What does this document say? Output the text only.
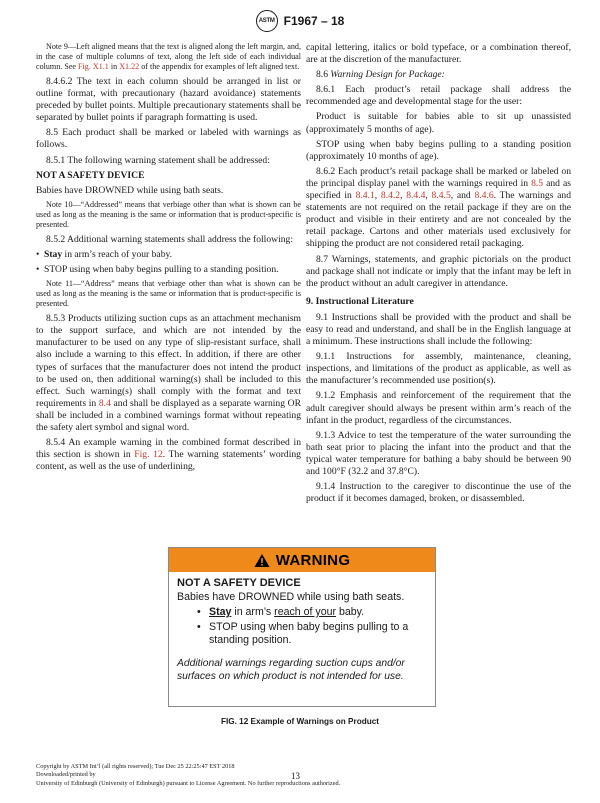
ASTM F1967 – 18

Note 9—Left aligned means that the text is aligned along the left margin, and, in the case of multiple columns of text, along the left side of each individual column. See Fig. X1.1 in X1.22 of the appendix for examples of left aligned text.

8.4.6.2 The text in each column should be arranged in list or outline format, with precautionary (hazard avoidance) statements preceded by bullet points. Multiple precautionary statements shall be separated by bullet points if paragraph formatting is used.

8.5 Each product shall be marked or labeled with warnings as follows.

8.5.1 The following warning statement shall be addressed:

NOT A SAFETY DEVICE

Babies have DROWNED while using bath seats.

Note 10—“Addressed” means that verbiage other than what is shown can be used as long as the meaning is the same or information that is product-specific is presented.

8.5.2 Additional warning statements shall address the following:

• Stay in arm’s reach of your baby.

• STOP using when baby begins pulling to a standing position.

Note 11—“Address” means that verbiage other than what is shown can be used as long as the meaning is the same or information that is product-specific is presented.

8.5.3 Products utilizing suction cups as an attachment mechanism to the support surface, and which are not intended by the manufacturer to be used on any type of slip-resistant surface, shall also include a warning to this effect. In addition, if there are other types of surfaces that the manufacturer does not intend the product to be used on, then additional warning(s) shall be included to this effect. Such warning(s) shall comply with the format and text requirements in 8.4 and shall be displayed as a separate warning OR shall be included in a combined warnings format without repeating the safety alert symbol and signal word.

8.5.4 An example warning in the combined format described in this section is shown in Fig. 12. The warning statements’ wording content, as well as the use of underlining,

capital lettering, italics or bold typeface, or a combination thereof, are at the discretion of the manufacturer.

8.6 Warning Design for Package:

8.6.1 Each product’s retail package shall address the recommended age and developmental stage for the user:

Product is suitable for babies able to sit up unassisted (approximately 5 months of age).

STOP using when baby begins pulling to a standing position (approximately 10 months of age).

8.6.2 Each product’s retail package shall be marked or labeled on the principal display panel with the warnings required in 8.5 and as specified in 8.4.1, 8.4.2, 8.4.4, 8.4.5, and 8.4.6. The warnings and statements are not required on the retail package if they are on the product and visible in their entirety and are not concealed by the retail package. Cartons and other materials used exclusively for shipping the product are not considered retail packaging.

8.7 Warnings, statements, and graphic pictorials on the product and package shall not indicate or imply that the infant may be left in the product without an adult caregiver in attendance.

9. Instructional Literature

9.1 Instructions shall be provided with the product and shall be easy to read and understand, and shall be in the English language at a minimum. These instructions shall include the following:

9.1.1 Instructions for assembly, maintenance, cleaning, inspections, and limitations of the product as applicable, as well as the manufacturer’s recommended use position(s).

9.1.2 Emphasis and reinforcement of the requirement that the adult caregiver should always be present within arm’s reach of the infant in the product, regardless of the circumstances.

9.1.3 Advice to test the temperature of the water surrounding the bath seat prior to placing the infant into the product and that the typical water temperature for bathing a baby should be between 90 and 100°F (32.2 and 37.8°C).

9.1.4 Instruction to the caregiver to discontinue the use of the product if it becomes damaged, broken, or disassembled.

WARNING
NOT A SAFETY DEVICE
Babies have DROWNED while using bath seats.
• Stay in arm’s reach of your baby.
• STOP using when baby begins pulling to a standing position.
Additional warnings regarding suction cups and/or surfaces on which product is not intended for use.
FIG. 12 Example of Warnings on Product
Copyright by ASTM Int’l (all rights reserved); Tue Dec 25 22:25:47 EST 2018
Downloaded/printed by
University of Edinburgh (University of Edinburgh) pursuant to License Agreement. No further reproductions authorized.
13
